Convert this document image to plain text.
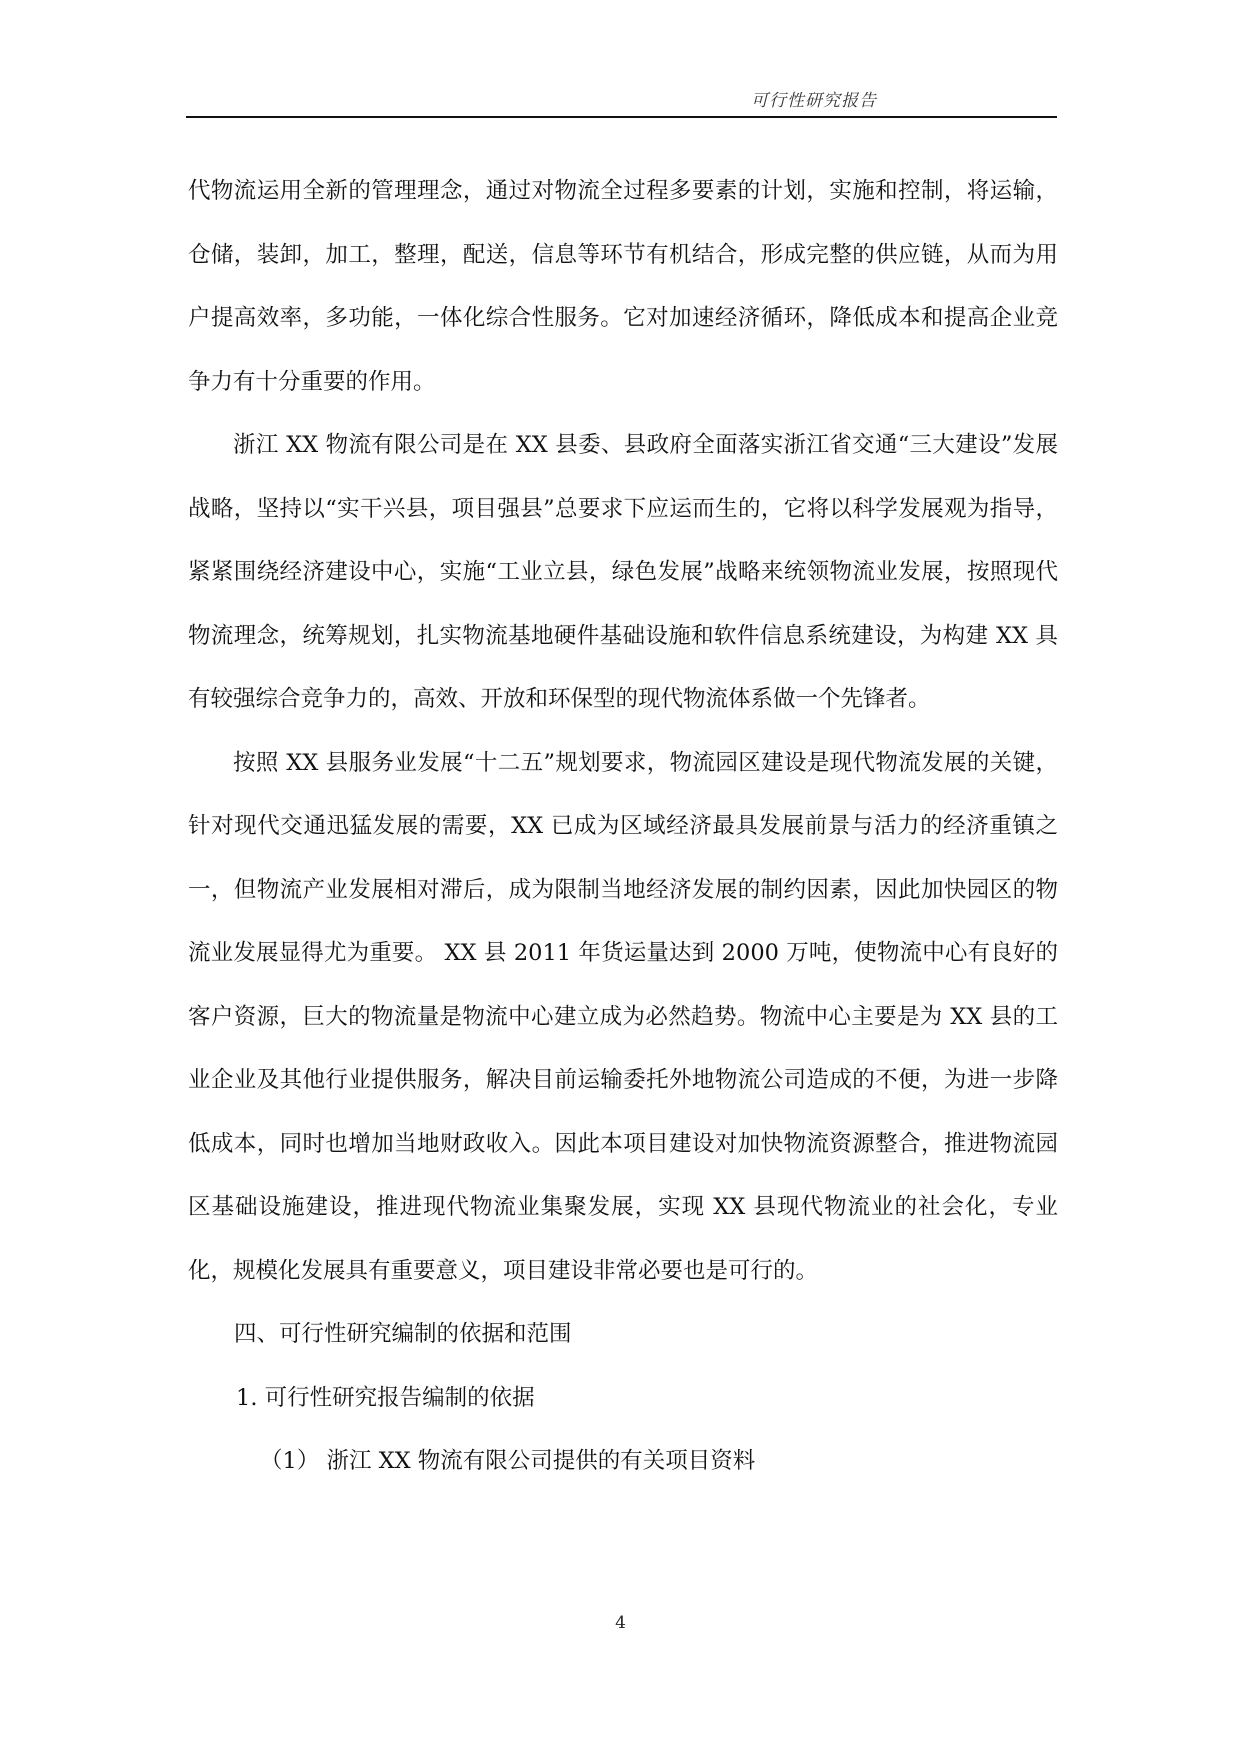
可行性研究报告

代物流运用全新的管理理念，通过对物流全过程多要素的计划，实施和控制，将运输，仓储，装卸，加工，整理，配送，信息等环节有机结合，形成完整的供应链，从而为用户提高效率，多功能，一体化综合性服务。它对加速经济循环，降低成本和提高企业竞争力有十分重要的作用。

浙江 XX 物流有限公司是在 XX 县委、县政府全面落实浙江省交通“三大建设”发展战略，坚持以“实干兴县，项目强县”总要求下应运而生的，它将以科学发展观为指导，紧紧围绕经济建设中心，实施“工业立县，绿色发展”战略来统领物流业发展，按照现代物流理念，统筹规划，扎实物流基地硬件基础设施和软件信息系统建设，为构建 XX 具有较强综合竞争力的，高效、开放和环保型的现代物流体系做一个先锋者。

按照 XX 县服务业发展“十二五”规划要求，物流园区建设是现代物流发展的关键，针对现代交通迅猛发展的需要，XX 已成为区域经济最具发展前景与活力的经济重镇之一，但物流产业发展相对滞后，成为限制当地经济发展的制约因素，因此加快园区的物流业发展显得尤为重要。 XX 县 2011 年货运量达到 2000 万吨，使物流中心有良好的客户资源，巨大的物流量是物流中心建立成为必然趋势。物流中心主要是为 XX 县的工业企业及其他行业提供服务，解决目前运输委托外地物流公司造成的不便，为进一步降低成本，同时也增加当地财政收入。因此本项目建设对加快物流资源整合，推进物流园区基础设施建设，推进现代物流业集聚发展，实现 XX 县现代物流业的社会化，专业化，规模化发展具有重要意义，项目建设非常必要也是可行的。

四、可行性研究编制的依据和范围

1. 可行性研究报告编制的依据

（1） 浙江 XX 物流有限公司提供的有关项目资料

4
